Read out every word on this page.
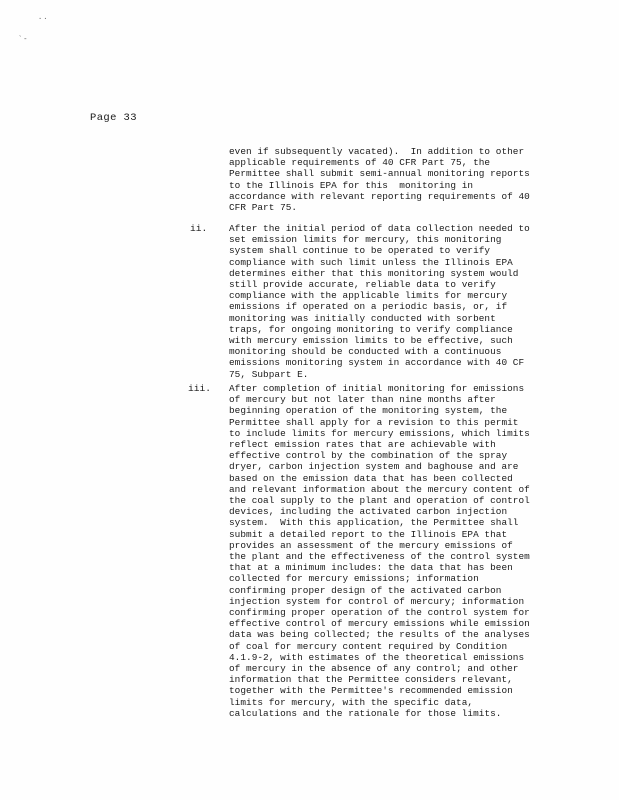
..
`-
Page 33
even if subsequently vacated).  In addition to other
applicable requirements of 40 CFR Part 75, the
Permittee shall submit semi-annual monitoring reports
to the Illinois EPA for this  monitoring in
accordance with relevant reporting requirements of 40
CFR Part 75.
ii. After the initial period of data collection needed to
set emission limits for mercury, this monitoring
system shall continue to be operated to verify
compliance with such limit unless the Illinois EPA
determines either that this monitoring system would
still provide accurate, reliable data to verify
compliance with the applicable limits for mercury
emissions if operated on a periodic basis, or, if
monitoring was initially conducted with sorbent
traps, for ongoing monitoring to verify compliance
with mercury emission limits to be effective, such
monitoring should be conducted with a continuous
emissions monitoring system in accordance with 40 CF
75, Subpart E.
iii. After completion of initial monitoring for emissions
of mercury but not later than nine months after
beginning operation of the monitoring system, the
Permittee shall apply for a revision to this permit
to include limits for mercury emissions, which limits
reflect emission rates that are achievable with
effective control by the combination of the spray
dryer, carbon injection system and baghouse and are
based on the emission data that has been collected
and relevant information about the mercury content of
the coal supply to the plant and operation of control
devices, including the activated carbon injection
system.  With this application, the Permittee shall
submit a detailed report to the Illinois EPA that
provides an assessment of the mercury emissions of
the plant and the effectiveness of the control system
that at a minimum includes: the data that has been
collected for mercury emissions; information
confirming proper design of the activated carbon
injection system for control of mercury; information
confirming proper operation of the control system for
effective control of mercury emissions while emission
data was being collected; the results of the analyses
of coal for mercury content required by Condition
4.1.9-2, with estimates of the theoretical emissions
of mercury in the absence of any control; and other
information that the Permittee considers relevant,
together with the Permittee's recommended emission
limits for mercury, with the specific data,
calculations and the rationale for those limits.
